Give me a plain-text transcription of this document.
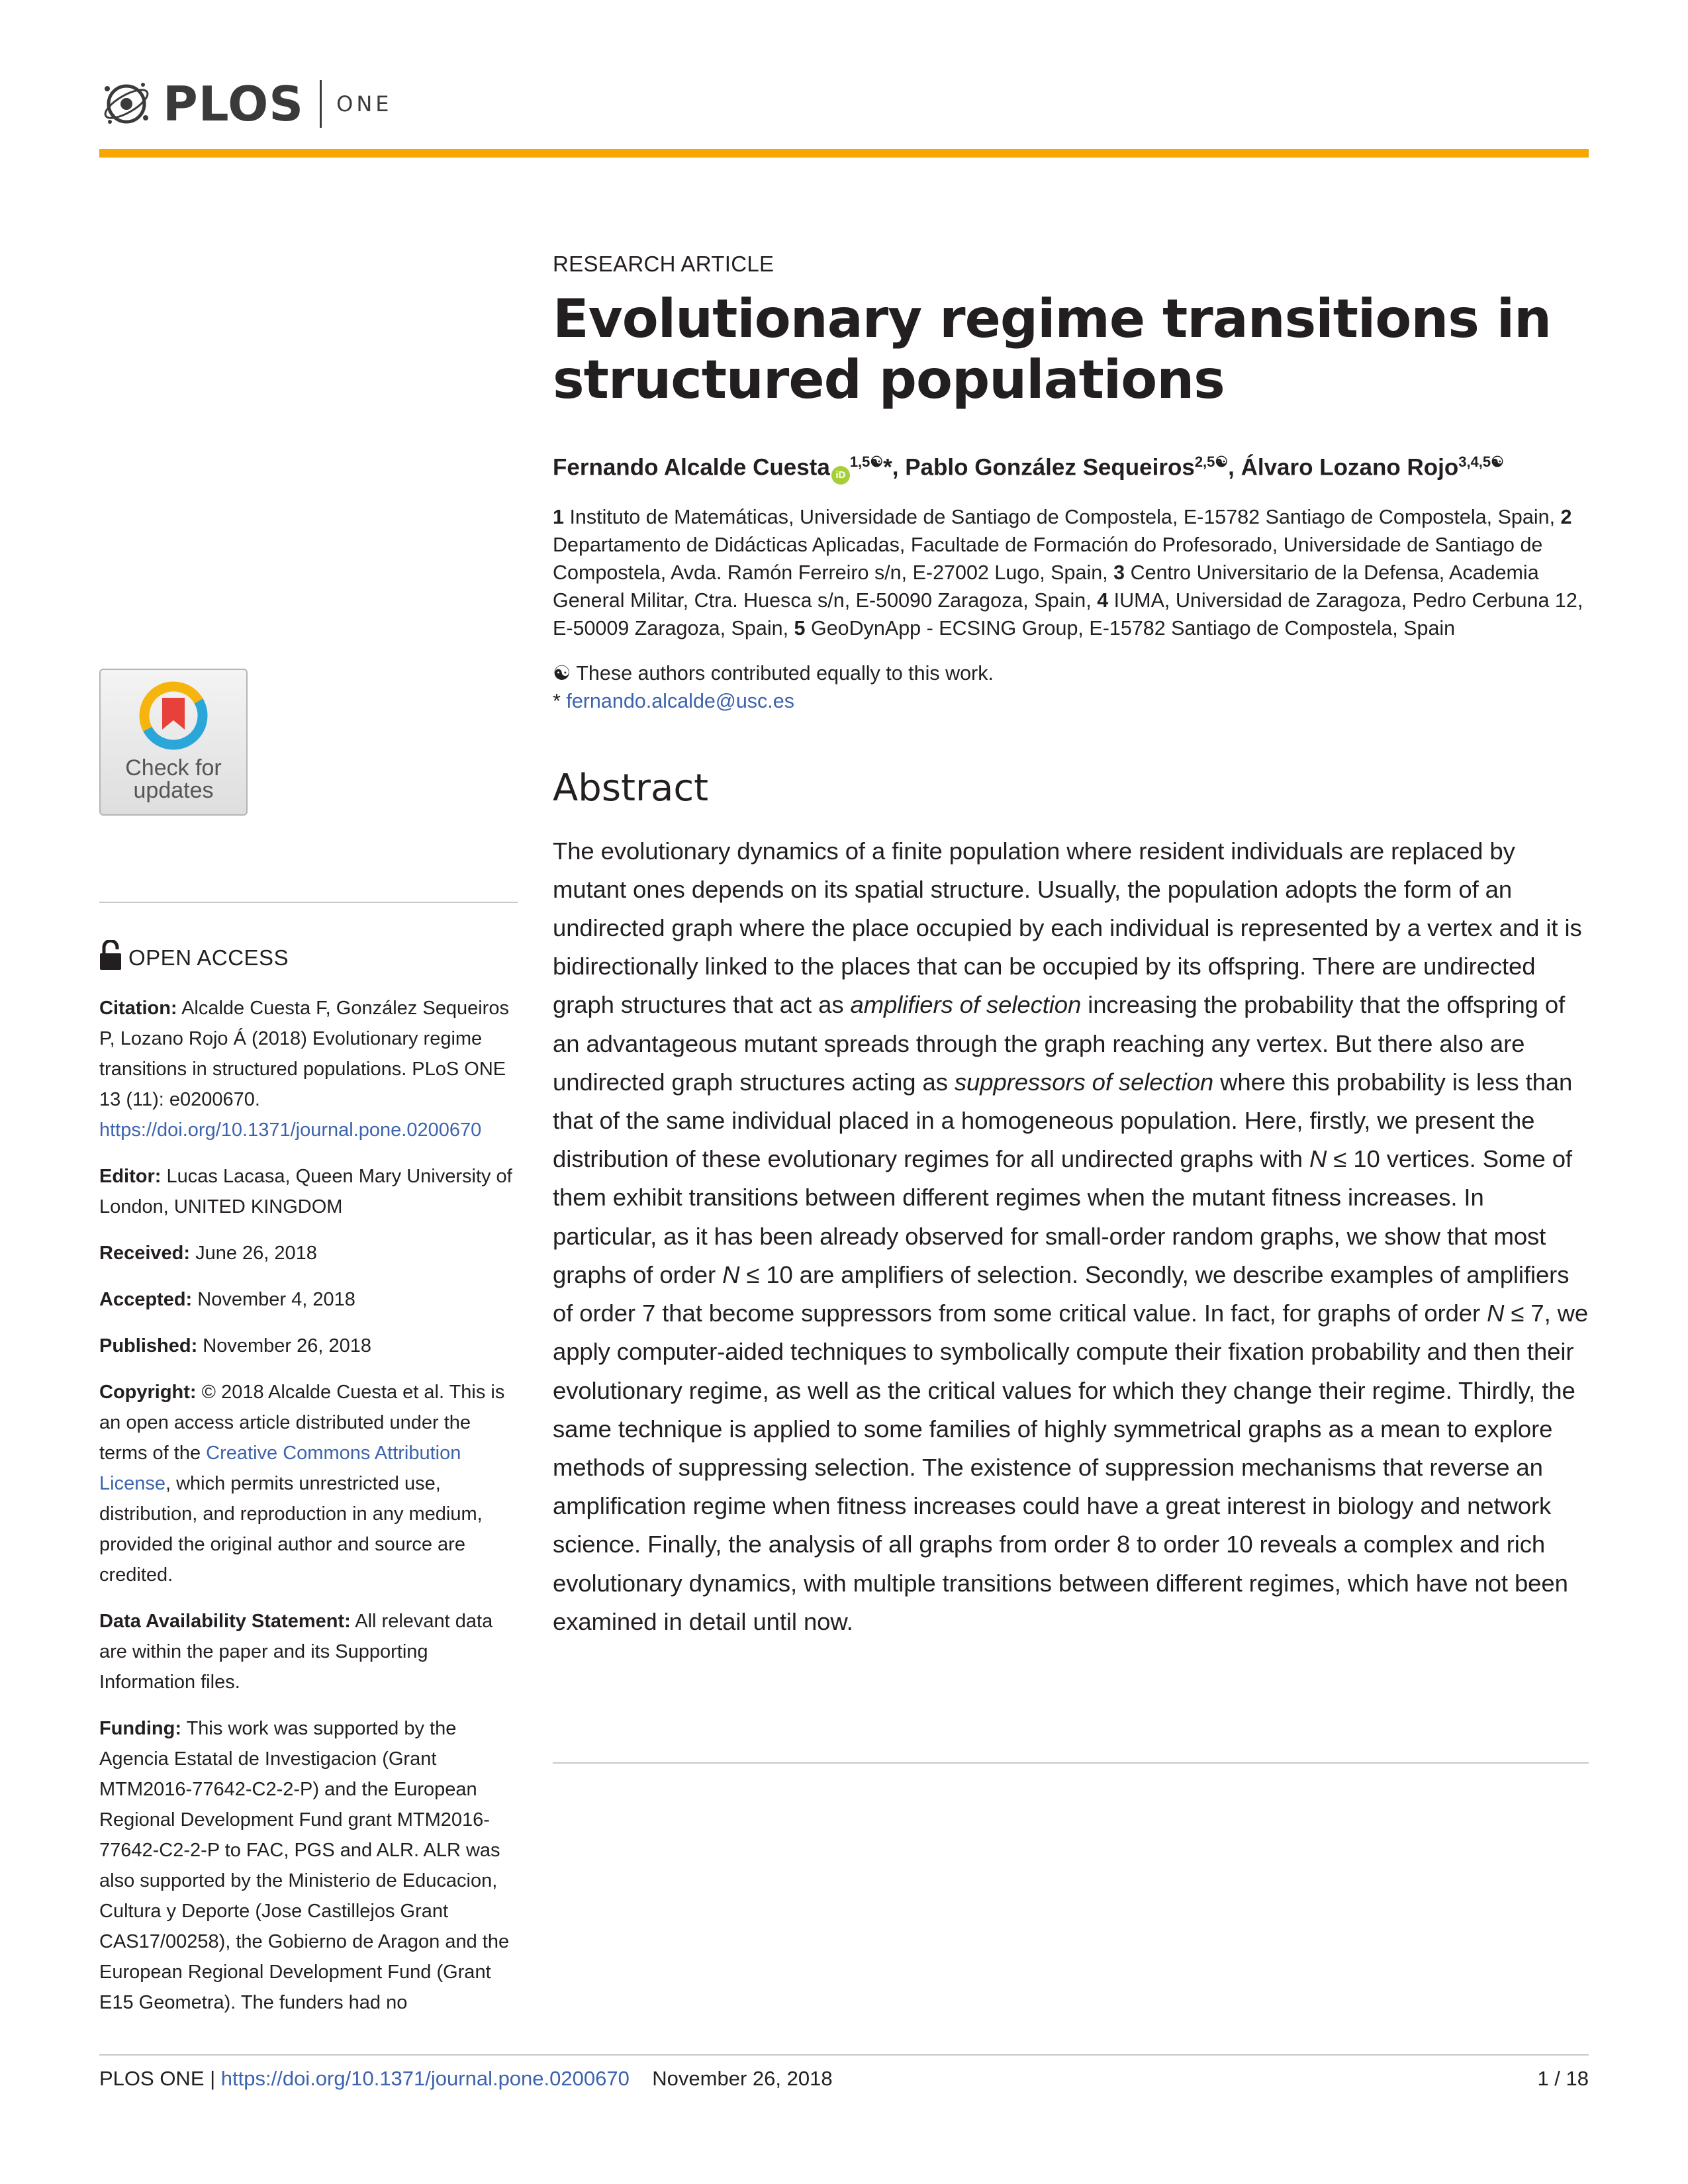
PLOS ONE
Check for
updates
OPEN ACCESS

Citation: Alcalde Cuesta F, González Sequeiros P, Lozano Rojo Á (2018) Evolutionary regime transitions in structured populations. PLoS ONE 13 (11): e0200670. https://doi.org/10.1371/journal.pone.0200670

Editor: Lucas Lacasa, Queen Mary University of London, UNITED KINGDOM

Received: June 26, 2018

Accepted: November 4, 2018

Published: November 26, 2018

Copyright: © 2018 Alcalde Cuesta et al. This is an open access article distributed under the terms of the Creative Commons Attribution License, which permits unrestricted use, distribution, and reproduction in any medium, provided the original author and source are credited.

Data Availability Statement: All relevant data are within the paper and its Supporting Information files.

Funding: This work was supported by the Agencia Estatal de Investigacion (Grant MTM2016-77642-C2-2-P) and the European Regional Development Fund grant MTM2016-77642-C2-2-P to FAC, PGS and ALR. ALR was also supported by the Ministerio de Educacion, Cultura y Deporte (Jose Castillejos Grant CAS17/00258), the Gobierno de Aragon and the European Regional Development Fund (Grant E15 Geometra). The funders had no

RESEARCH ARTICLE

Evolutionary regime transitions in structured populations

Fernando Alcalde Cuesta $iD^{1,5☯}*$, Pablo González Sequeiros$^{2,5☯}$, Álvaro Lozano Rojo$^{3,4,5☯}$

1 Instituto de Matemáticas, Universidade de Santiago de Compostela, E-15782 Santiago de Compostela, Spain, 2 Departamento de Didácticas Aplicadas, Facultade de Formación do Profesorado, Universidade de Santiago de Compostela, Avda. Ramón Ferreiro s/n, E-27002 Lugo, Spain, 3 Centro Universitario de la Defensa, Academia General Militar, Ctra. Huesca s/n, E-50090 Zaragoza, Spain, 4 IUMA, Universidad de Zaragoza, Pedro Cerbuna 12, E-50009 Zaragoza, Spain, 5 GeoDynApp - ECSING Group, E-15782 Santiago de Compostela, Spain

☯ These authors contributed equally to this work.
* fernando.alcalde@usc.es

Abstract

The evolutionary dynamics of a finite population where resident individuals are replaced by mutant ones depends on its spatial structure. Usually, the population adopts the form of an undirected graph where the place occupied by each individual is represented by a vertex and it is bidirectionally linked to the places that can be occupied by its offspring. There are undirected graph structures that act as amplifiers of selection increasing the probability that the offspring of an advantageous mutant spreads through the graph reaching any vertex. But there also are undirected graph structures acting as suppressors of selection where this probability is less than that of the same individual placed in a homogeneous population. Here, firstly, we present the distribution of these evolutionary regimes for all undirected graphs with N ≤ 10 vertices. Some of them exhibit transitions between different regimes when the mutant fitness increases. In particular, as it has been already observed for small-order random graphs, we show that most graphs of order N ≤ 10 are amplifiers of selection. Secondly, we describe examples of amplifiers of order 7 that become suppressors from some critical value. In fact, for graphs of order N ≤ 7, we apply computer-aided techniques to symbolically compute their fixation probability and then their evolutionary regime, as well as the critical values for which they change their regime. Thirdly, the same technique is applied to some families of highly symmetrical graphs as a mean to explore methods of suppressing selection. The existence of suppression mechanisms that reverse an amplification regime when fitness increases could have a great interest in biology and network science. Finally, the analysis of all graphs from order 8 to order 10 reveals a complex and rich evolutionary dynamics, with multiple transitions between different regimes, which have not been examined in detail until now.

PLOS ONE | https://doi.org/10.1371/journal.pone.0200670 November 26, 2018	1 / 18
